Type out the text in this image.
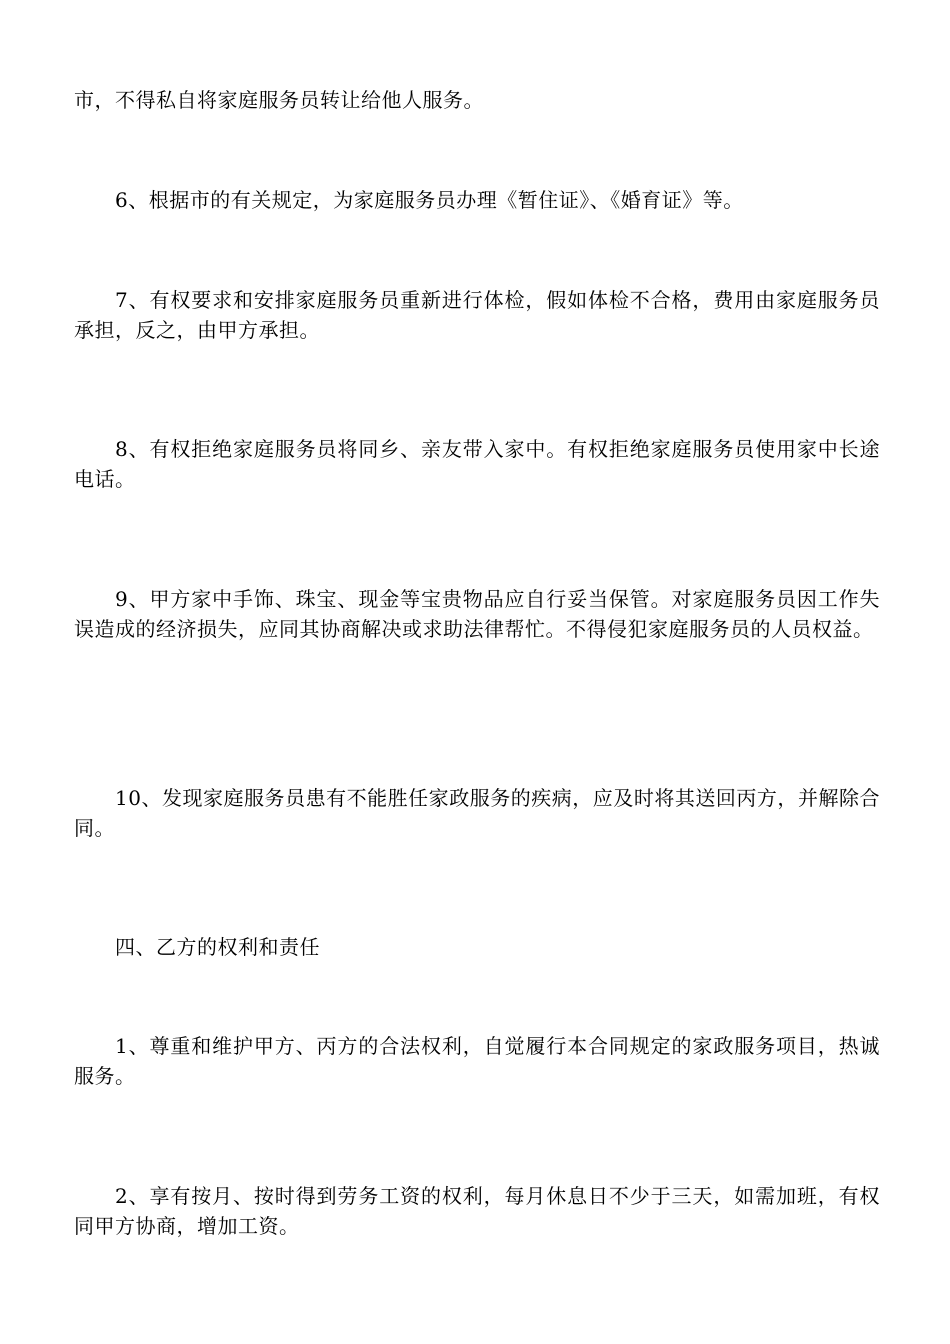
市，不得私自将家庭服务员转让给他人服务。

6、根据市的有关规定，为家庭服务员办理《暂住证》、《婚育证》等。

7、有权要求和安排家庭服务员重新进行体检，假如体检不合格，费用由家庭服务员承担，反之，由甲方承担。

8、有权拒绝家庭服务员将同乡、亲友带入家中。有权拒绝家庭服务员使用家中长途电话。

9、甲方家中手饰、珠宝、现金等宝贵物品应自行妥当保管。对家庭服务员因工作失误造成的经济损失，应同其协商解决或求助法律帮忙。不得侵犯家庭服务员的人员权益。

10、发现家庭服务员患有不能胜任家政服务的疾病，应及时将其送回丙方，并解除合同。

四、乙方的权利和责任

1、尊重和维护甲方、丙方的合法权利，自觉履行本合同规定的家政服务项目，热诚服务。

2、享有按月、按时得到劳务工资的权利，每月休息日不少于三天，如需加班，有权同甲方协商，增加工资。
